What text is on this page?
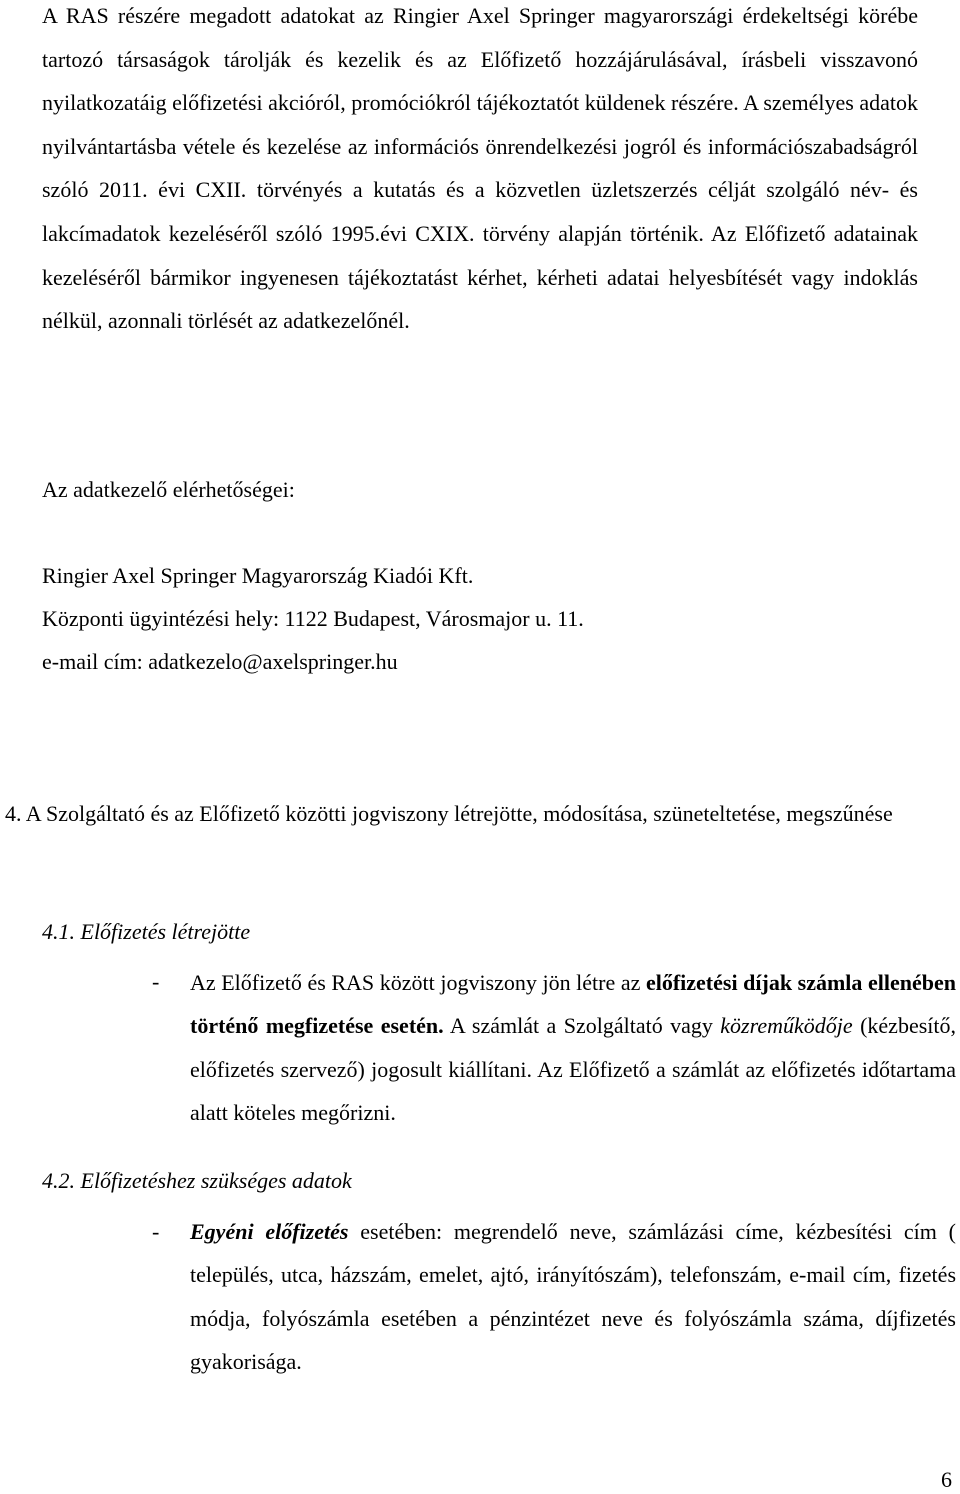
A RAS részére megadott adatokat az Ringier Axel Springer magyarországi érdekeltségi körébe tartozó társaságok tárolják és kezelik és az Előfizető hozzájárulásával, írásbeli visszavonó nyilatkozatáig előfizetési akcióról, promóciókról tájékoztatót küldenek részére. A személyes adatok nyilvántartásba vétele és kezelése az információs önrendelkezési jogról és információszabadságról szóló 2011. évi CXII. törvényés a kutatás és a közvetlen üzletszerzés célját szolgáló név- és lakcímadatok kezeléséről szóló 1995.évi CXIX. törvény alapján történik. Az Előfizető adatainak kezeléséről bármikor ingyenesen tájékoztatást kérhet, kérheti adatai helyesbítését vagy indoklás nélkül, azonnali törlését az adatkezelőnél.

Az adatkezelő elérhetőségei:
Ringier Axel Springer Magyarország Kiadói Kft.
Központi ügyintézési hely: 1122 Budapest, Városmajor u. 11.
e-mail cím: adatkezelo@axelspringer.hu

4. A Szolgáltató és az Előfizető közötti jogviszony létrejötte, módosítása, szüneteltetése, megszűnése

4.1. Előfizetés létrejötte
- Az Előfizető és RAS között jogviszony jön létre az előfizetési díjak számla ellenében történő megfizetése esetén. A számlát a Szolgáltató vagy közreműködője (kézbesítő, előfizetés szervező) jogosult kiállítani. Az Előfizető a számlát az előfizetés időtartama alatt köteles megőrizni.

4.2. Előfizetéshez szükséges adatok
- Egyéni előfizetés esetében: megrendelő neve, számlázási címe, kézbesítési cím ( település, utca, házszám, emelet, ajtó, irányítószám), telefonszám, e-mail cím, fizetés módja, folyószámla esetében a pénzintézet neve és folyószámla száma, díjfizetés gyakorisága.

6
